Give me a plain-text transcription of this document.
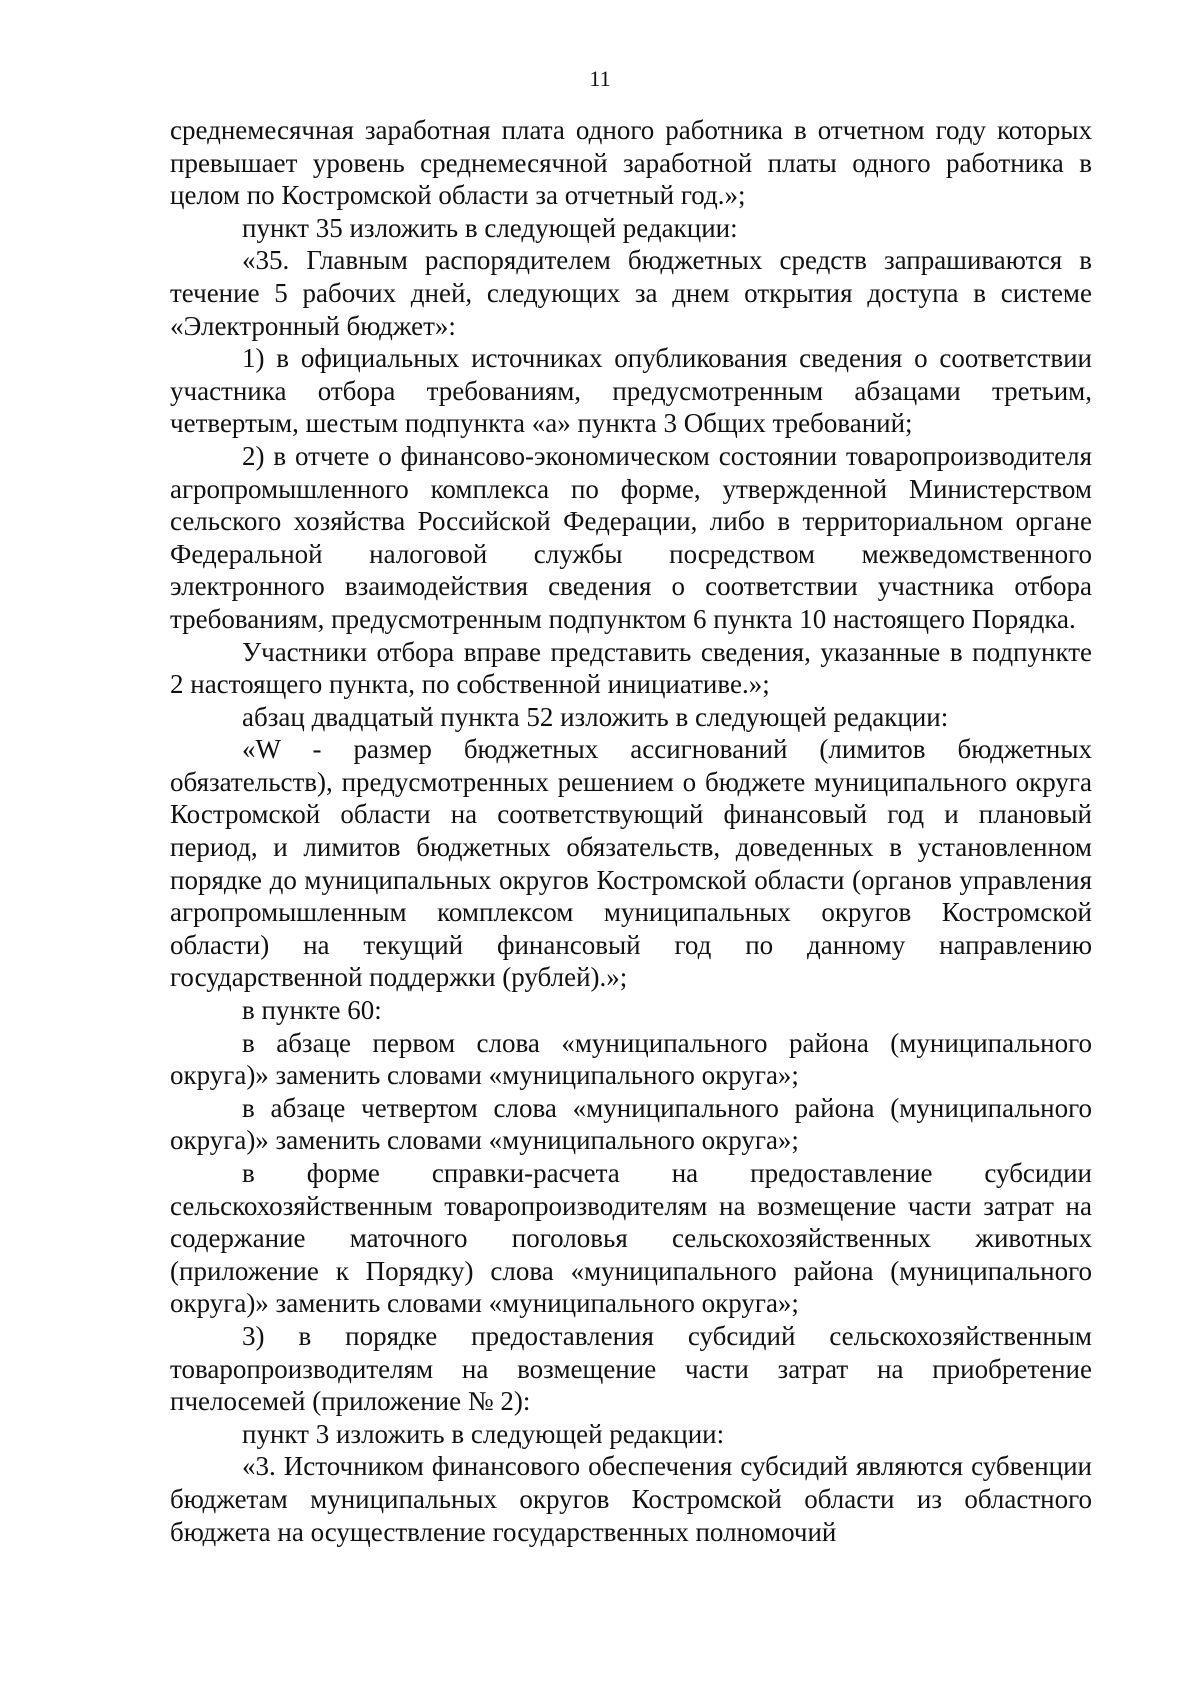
11

среднемесячная заработная плата одного работника в отчетном году которых превышает уровень среднемесячной заработной платы одного работника в целом по Костромской области за отчетный год.»;

пункт 35 изложить в следующей редакции:

«35. Главным распорядителем бюджетных средств запрашиваются в течение 5 рабочих дней, следующих за днем открытия доступа в системе «Электронный бюджет»:

1) в официальных источниках опубликования сведения о соответствии участника отбора требованиям, предусмотренным абзацами третьим, четвертым, шестым подпункта «а» пункта 3 Общих требований;

2) в отчете о финансово-экономическом состоянии товаропроизводителя агропромышленного комплекса по форме, утвержденной Министерством сельского хозяйства Российской Федерации, либо в территориальном органе Федеральной налоговой службы посредством межведомственного электронного взаимодействия сведения о соответствии участника отбора требованиям, предусмотренным подпунктом 6 пункта 10 настоящего Порядка.

Участники отбора вправе представить сведения, указанные в подпункте 2 настоящего пункта, по собственной инициативе.»;

абзац двадцатый пункта 52 изложить в следующей редакции:

«W - размер бюджетных ассигнований (лимитов бюджетных обязательств), предусмотренных решением о бюджете муниципального округа Костромской области на соответствующий финансовый год и плановый период, и лимитов бюджетных обязательств, доведенных в установленном порядке до муниципальных округов Костромской области (органов управления агропромышленным комплексом муниципальных округов Костромской области) на текущий финансовый год по данному направлению государственной поддержки (рублей).»;

в пункте 60:

в абзаце первом слова «муниципального района (муниципального округа)» заменить словами «муниципального округа»;

в абзаце четвертом слова «муниципального района (муниципального округа)» заменить словами «муниципального округа»;

в форме справки-расчета на предоставление субсидии сельскохозяйственным товаропроизводителям на возмещение части затрат на содержание маточного поголовья сельскохозяйственных животных (приложение к Порядку) слова «муниципального района (муниципального округа)» заменить словами «муниципального округа»;

3) в порядке предоставления субсидий сельскохозяйственным товаропроизводителям на возмещение части затрат на приобретение пчелосемей (приложение № 2):

пункт 3 изложить в следующей редакции:

«3. Источником финансового обеспечения субсидий являются субвенции бюджетам муниципальных округов Костромской области из областного бюджета на осуществление государственных полномочий
